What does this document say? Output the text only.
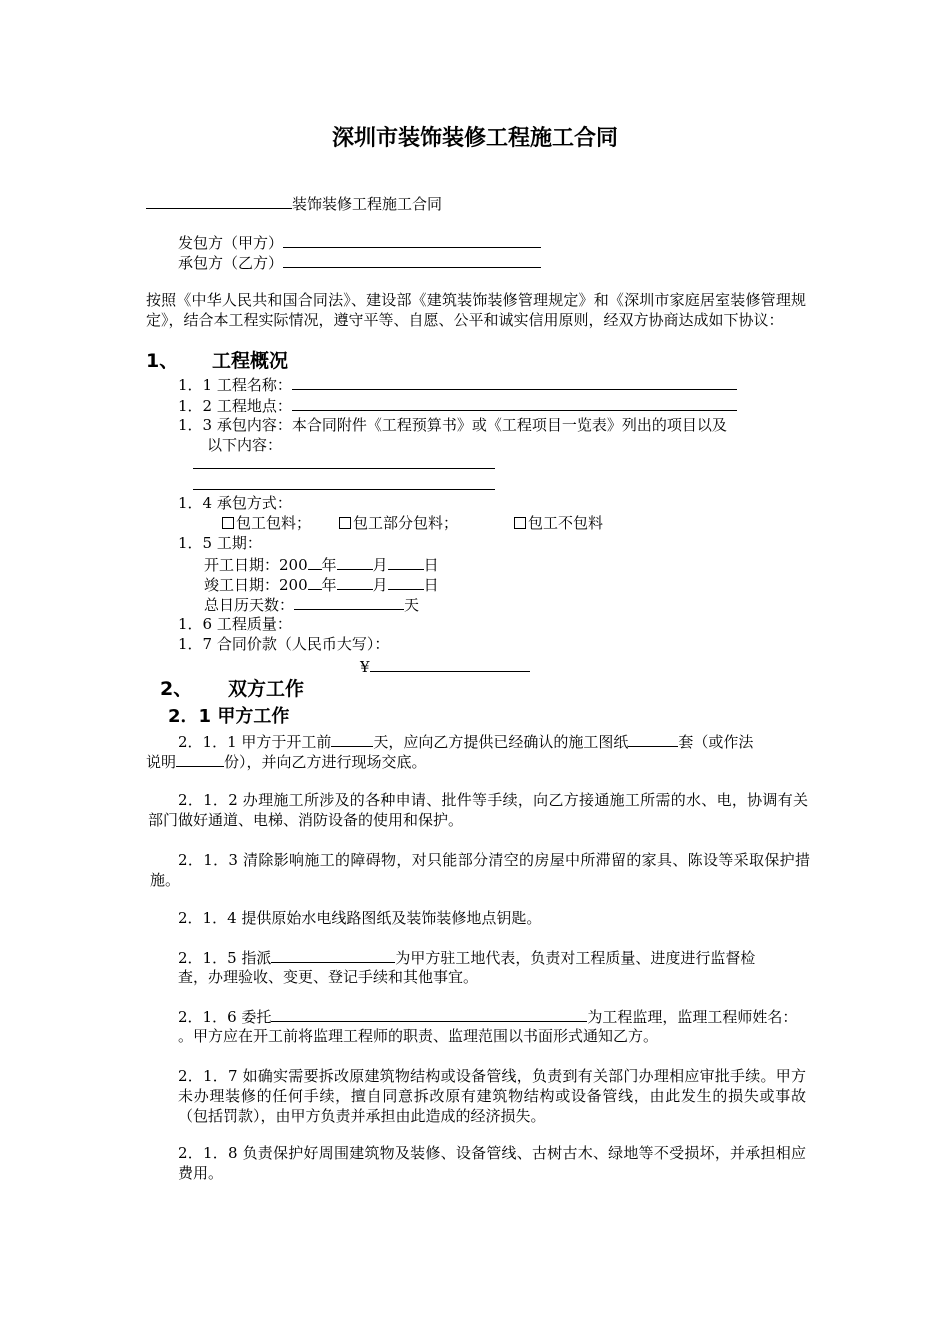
深圳市装饰装修工程施工合同
装饰装修工程施工合同
发包方（甲方）
承包方（乙方）
按照《中华人民共和国合同法》、建设部《建筑装饰装修管理规定》和《深圳市家庭居室装修管理规定》，结合本工程实际情况，遵守平等、自愿、公平和诚实信用原则，经双方协商达成如下协议：
1、 工程概况
1．1 工程名称：
1．2 工程地点：
1．3 承包内容：本合同附件《工程预算书》或《工程项目一览表》列出的项目以及
以下内容：
1．4 承包方式：
包工包料；	包工部分包料；	包工不包料
1．5 工期：
开工日期：200 年 月 日
竣工日期：200 年 月 日
总日历天数：	天
1．6 工程质量：
1．7 合同价款（人民币大写）：
¥
2、 双方工作
2．1 甲方工作
2．1．1 甲方于开工前	天，应向乙方提供已经确认的施工图纸	套（或作法
说明	份），并向乙方进行现场交底。
2．1．2 办理施工所涉及的各种申请、批件等手续，向乙方接通施工所需的水、电，协调有关部门做好通道、电梯、消防设备的使用和保护。
2．1．3 清除影响施工的障碍物，对只能部分清空的房屋中所滞留的家具、陈设等采取保护措施。
2．1．4 提供原始水电线路图纸及装饰装修地点钥匙。
2．1．5 指派	为甲方驻工地代表，负责对工程质量、进度进行监督检
查，办理验收、变更、登记手续和其他事宜。
2．1．6 委托	为工程监理，监理工程师姓名：
。甲方应在开工前将监理工程师的职责、监理范围以书面形式通知乙方。
2．1．7 如确实需要拆改原建筑物结构或设备管线，负责到有关部门办理相应审批手续。甲方未办理装修的任何手续，擅自同意拆改原有建筑物结构或设备管线，由此发生的损失或事故（包括罚款），由甲方负责并承担由此造成的经济损失。
2．1．8 负责保护好周围建筑物及装修、设备管线、古树古木、绿地等不受损坏，并承担相应费用。
